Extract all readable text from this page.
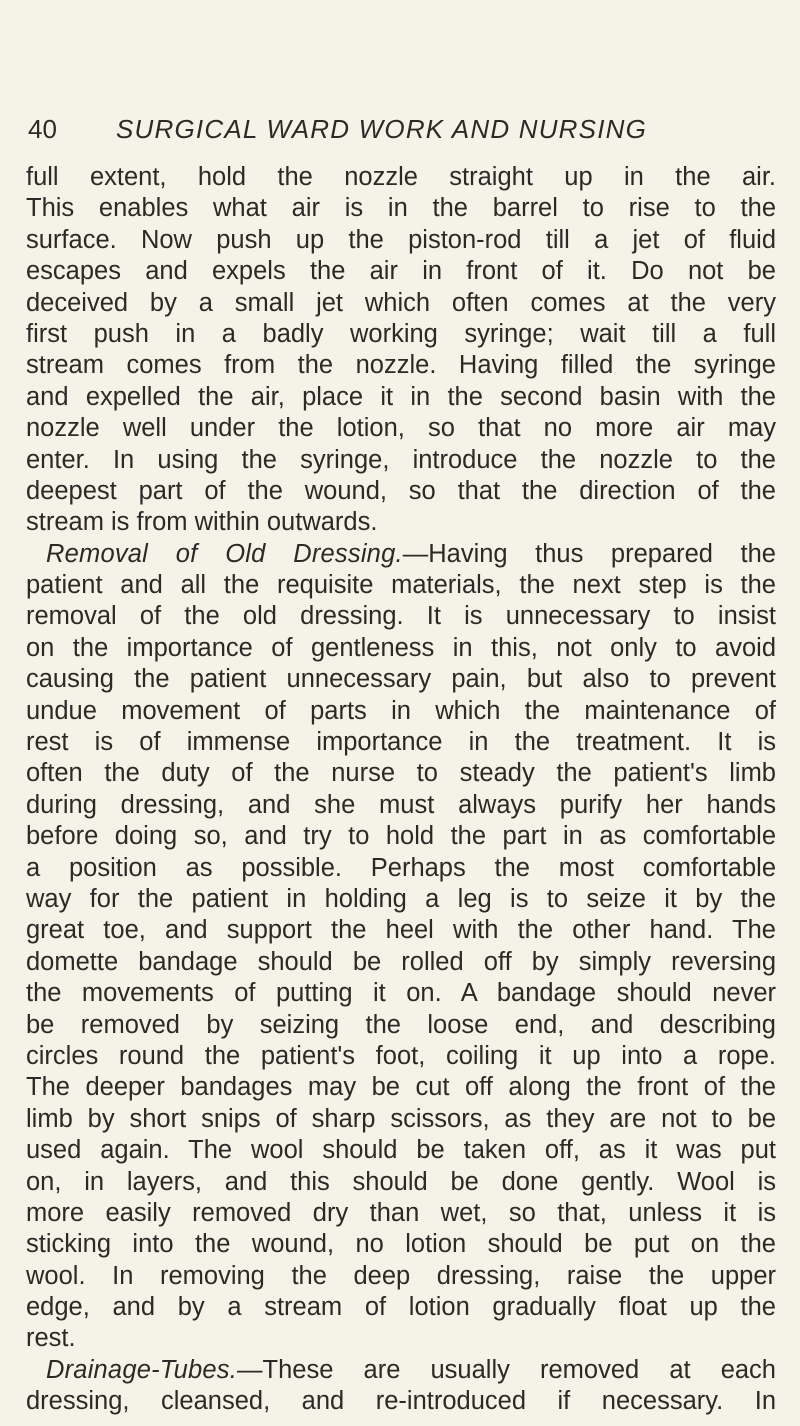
40 SURGICAL WARD WORK AND NURSING
full extent, hold the nozzle straight up in the air.
This enables what air is in the barrel to rise to the
surface. Now push up the piston-rod till a jet of fluid
escapes and expels the air in front of it. Do not be
deceived by a small jet which often comes at the very
first push in a badly working syringe; wait till a full
stream comes from the nozzle. Having filled the syringe
and expelled the air, place it in the second basin with the
nozzle well under the lotion, so that no more air may
enter. In using the syringe, introduce the nozzle to the
deepest part of the wound, so that the direction of the
stream is from within outwards.
Removal of Old Dressing.—Having thus prepared the
patient and all the requisite materials, the next step is the
removal of the old dressing. It is unnecessary to insist
on the importance of gentleness in this, not only to avoid
causing the patient unnecessary pain, but also to prevent
undue movement of parts in which the maintenance of
rest is of immense importance in the treatment. It is
often the duty of the nurse to steady the patient's limb
during dressing, and she must always purify her hands
before doing so, and try to hold the part in as comfortable
a position as possible. Perhaps the most comfortable
way for the patient in holding a leg is to seize it by the
great toe, and support the heel with the other hand. The
domette bandage should be rolled off by simply reversing
the movements of putting it on. A bandage should never
be removed by seizing the loose end, and describing
circles round the patient's foot, coiling it up into a rope.
The deeper bandages may be cut off along the front of the
limb by short snips of sharp scissors, as they are not to be
used again. The wool should be taken off, as it was put
on, in layers, and this should be done gently. Wool is
more easily removed dry than wet, so that, unless it is
sticking into the wound, no lotion should be put on the
wool. In removing the deep dressing, raise the upper
edge, and by a stream of lotion gradually float up the
rest.
Drainage-Tubes.—These are usually removed at each
dressing, cleansed, and re-introduced if necessary. In
